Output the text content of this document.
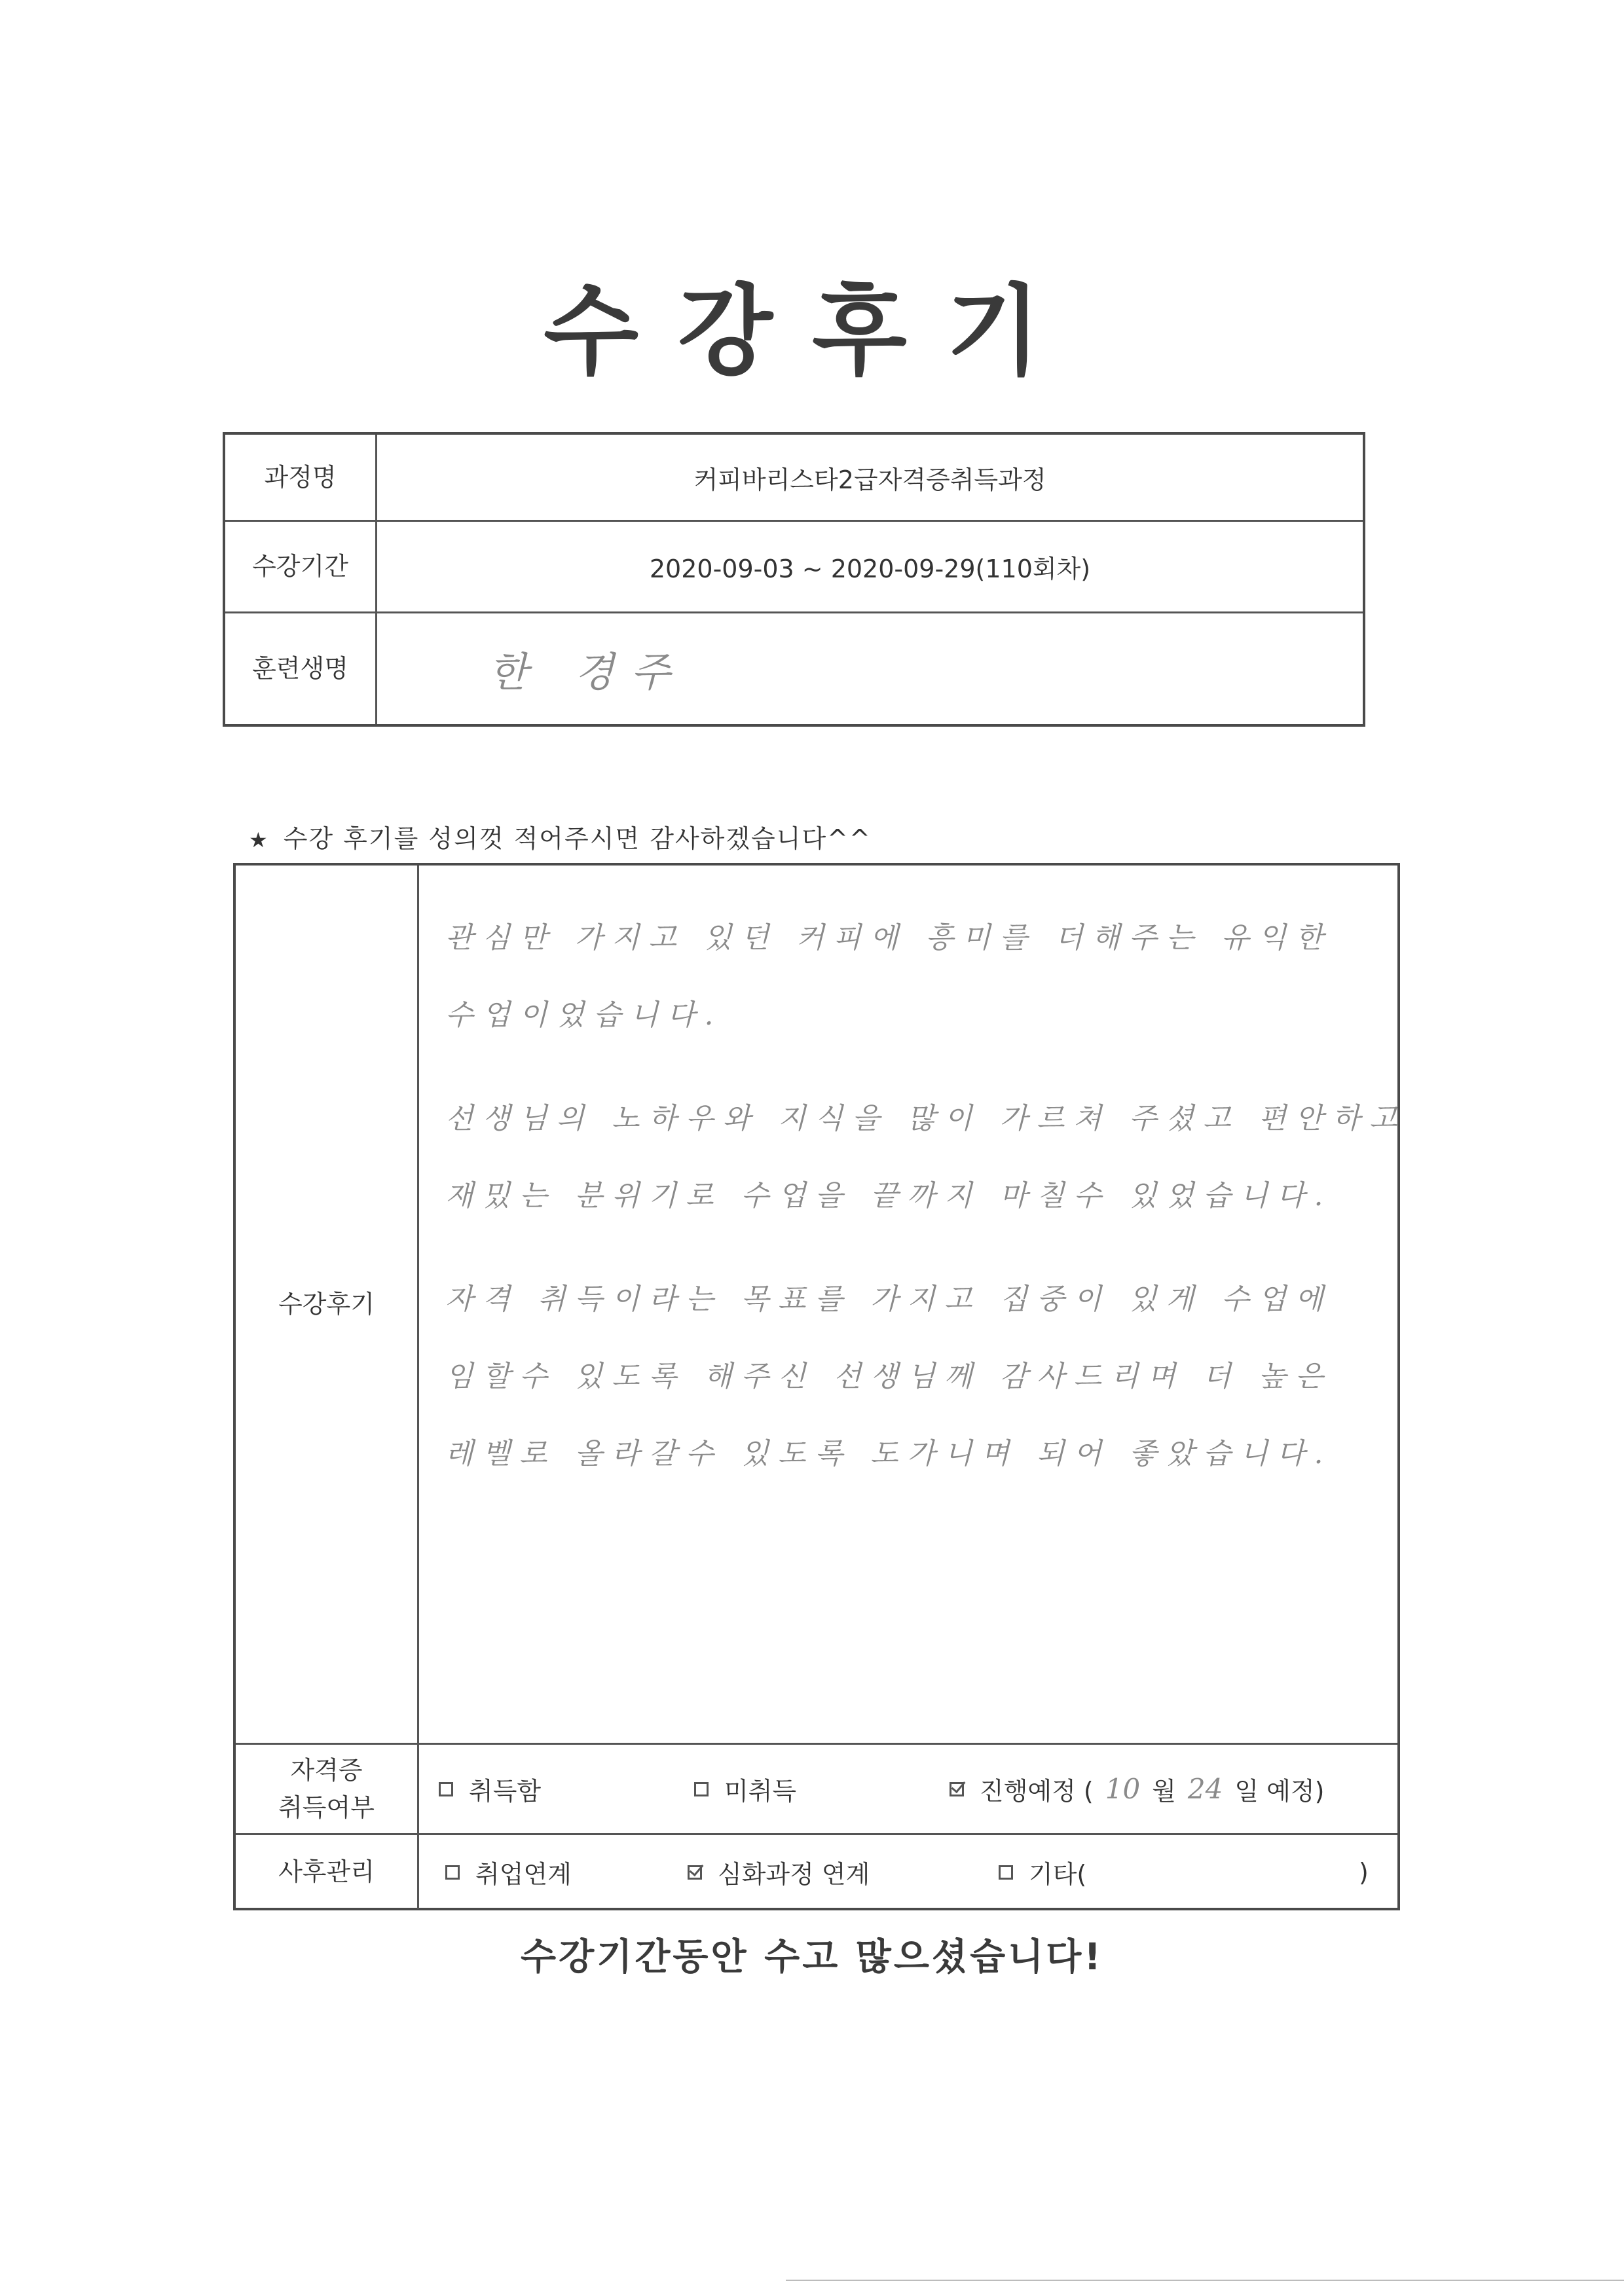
수강후기
과정명	커피바리스타2급자격증취득과정
수강기간	2020-09-03 ~ 2020-09-29(110회차)
훈련생명	한 경주
★ 수강 후기를 성의껏 적어주시면 감사하겠습니다^^
수강후기
관심만 가지고 있던 커피에 흥미를 더해주는 유익한
수업이었습니다.
선생님의 노하우와 지식을 많이 가르쳐 주셨고 편안하고
재밌는 분위기로 수업을 끝까지 마칠수 있었습니다.
자격 취득이라는 목표를 가지고 집중이 있게 수업에
임할수 있도록 해주신 선생님께 감사드리며 더 높은
레벨로 올라갈수 있도록 도가니며 되어 좋았습니다.
자격증
취득여부
취득함	미취득	진행예정 ( 10 월 24 일 예정)
사후관리	취업연계	심화과정 연계	기타(	)
수강기간동안 수고 많으셨습니다!
